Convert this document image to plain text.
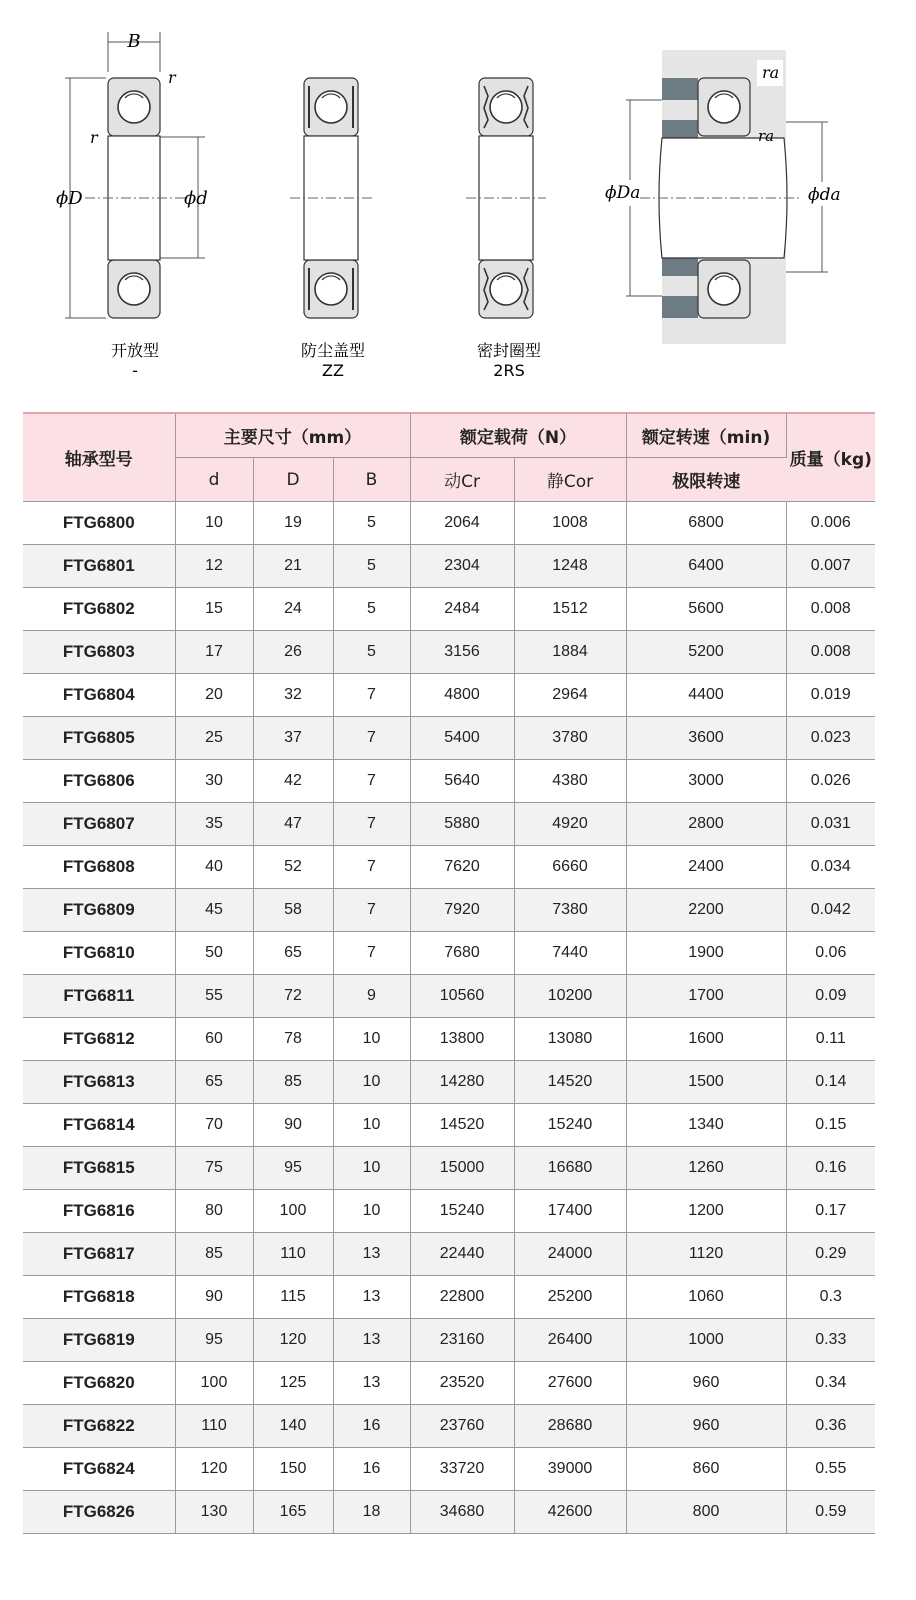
B
r
r
ϕD	ϕd
开放型
-
防尘盖型
ZZ
密封圈型
2RS
ra
ra
ϕDa	ϕda
轴承型号	主要尺寸（mm）			额定载荷（N）		额定转速（min)	质量（kg)
	d	D	B	动Cr	静Cor	极限转速	
FTG6800	10	19	5	2064	1008	6800	0.006
FTG6801	12	21	5	2304	1248	6400	0.007
FTG6802	15	24	5	2484	1512	5600	0.008
FTG6803	17	26	5	3156	1884	5200	0.008
FTG6804	20	32	7	4800	2964	4400	0.019
FTG6805	25	37	7	5400	3780	3600	0.023
FTG6806	30	42	7	5640	4380	3000	0.026
FTG6807	35	47	7	5880	4920	2800	0.031
FTG6808	40	52	7	7620	6660	2400	0.034
FTG6809	45	58	7	7920	7380	2200	0.042
FTG6810	50	65	7	7680	7440	1900	0.06
FTG6811	55	72	9	10560	10200	1700	0.09
FTG6812	60	78	10	13800	13080	1600	0.11
FTG6813	65	85	10	14280	14520	1500	0.14
FTG6814	70	90	10	14520	15240	1340	0.15
FTG6815	75	95	10	15000	16680	1260	0.16
FTG6816	80	100	10	15240	17400	1200	0.17
FTG6817	85	110	13	22440	24000	1120	0.29
FTG6818	90	115	13	22800	25200	1060	0.3
FTG6819	95	120	13	23160	26400	1000	0.33
FTG6820	100	125	13	23520	27600	960	0.34
FTG6822	110	140	16	23760	28680	960	0.36
FTG6824	120	150	16	33720	39000	860	0.55
FTG6826	130	165	18	34680	42600	800	0.59
